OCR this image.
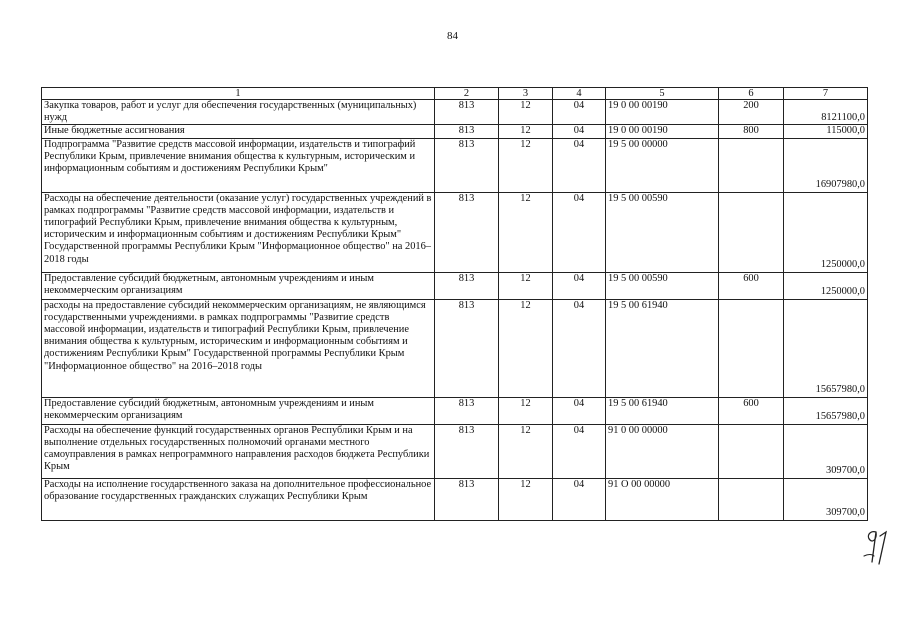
84
1	2	3	4	5	6	7
Закупка товаров, работ и услуг для обеспечения государственных (муниципальных) нужд	813	12	04	19 0 00 00190	200	8121100,0
Иные бюджетные ассигнования	813	12	04	19 0 00 00190	800	115000,0
Подпрограмма "Развитие средств массовой информации, издательств и типографий Республики Крым, привлечение внимания общества к культурным, историческим и информационным событиям и достижениям Республики Крым"	813	12	04	19 5 00 00000		16907980,0
Расходы на обеспечение деятельности (оказание услуг) государственных учреждений в рамках подпрограммы "Развитие средств массовой информации, издательств и типографий Республики Крым, привлечение внимания общества к культурным, историческим и информационным событиям и достижениям Республики Крым" Государственной программы Республики Крым "Информационное общество" на 2016–2018 годы	813	12	04	19 5 00 00590		1250000,0
Предоставление субсидий бюджетным, автономным учреждениям и иным некоммерческим организациям	813	12	04	19 5 00 00590	600	1250000,0
расходы на предоставление субсидий некоммерческим организациям, не являющимся государственными учреждениями. в рамках подпрограммы "Развитие средств массовой информации, издательств и типографий Республики Крым, привлечение внимания общества к культурным, историческим и информационным событиям и достижениям Республики Крым" Государственной программы Республики Крым "Информационное общество" на 2016–2018 годы	813	12	04	19 5 00 61940		15657980,0
Предоставление субсидий бюджетным, автономным учреждениям и иным некоммерческим организациям	813	12	04	19 5 00 61940	600	15657980,0
Расходы на обеспечение функций государственных органов Республики Крым и на выполнение отдельных государственных полномочий органами местного самоуправления в рамках непрограммного направления расходов бюджета Республики Крым	813	12	04	91 0 00 00000		309700,0
Расходы на исполнение государственного заказа на дополнительное профессиональное образование государственных гражданских служащих Республики Крым	813	12	04	91 О 00 00000		309700,0
